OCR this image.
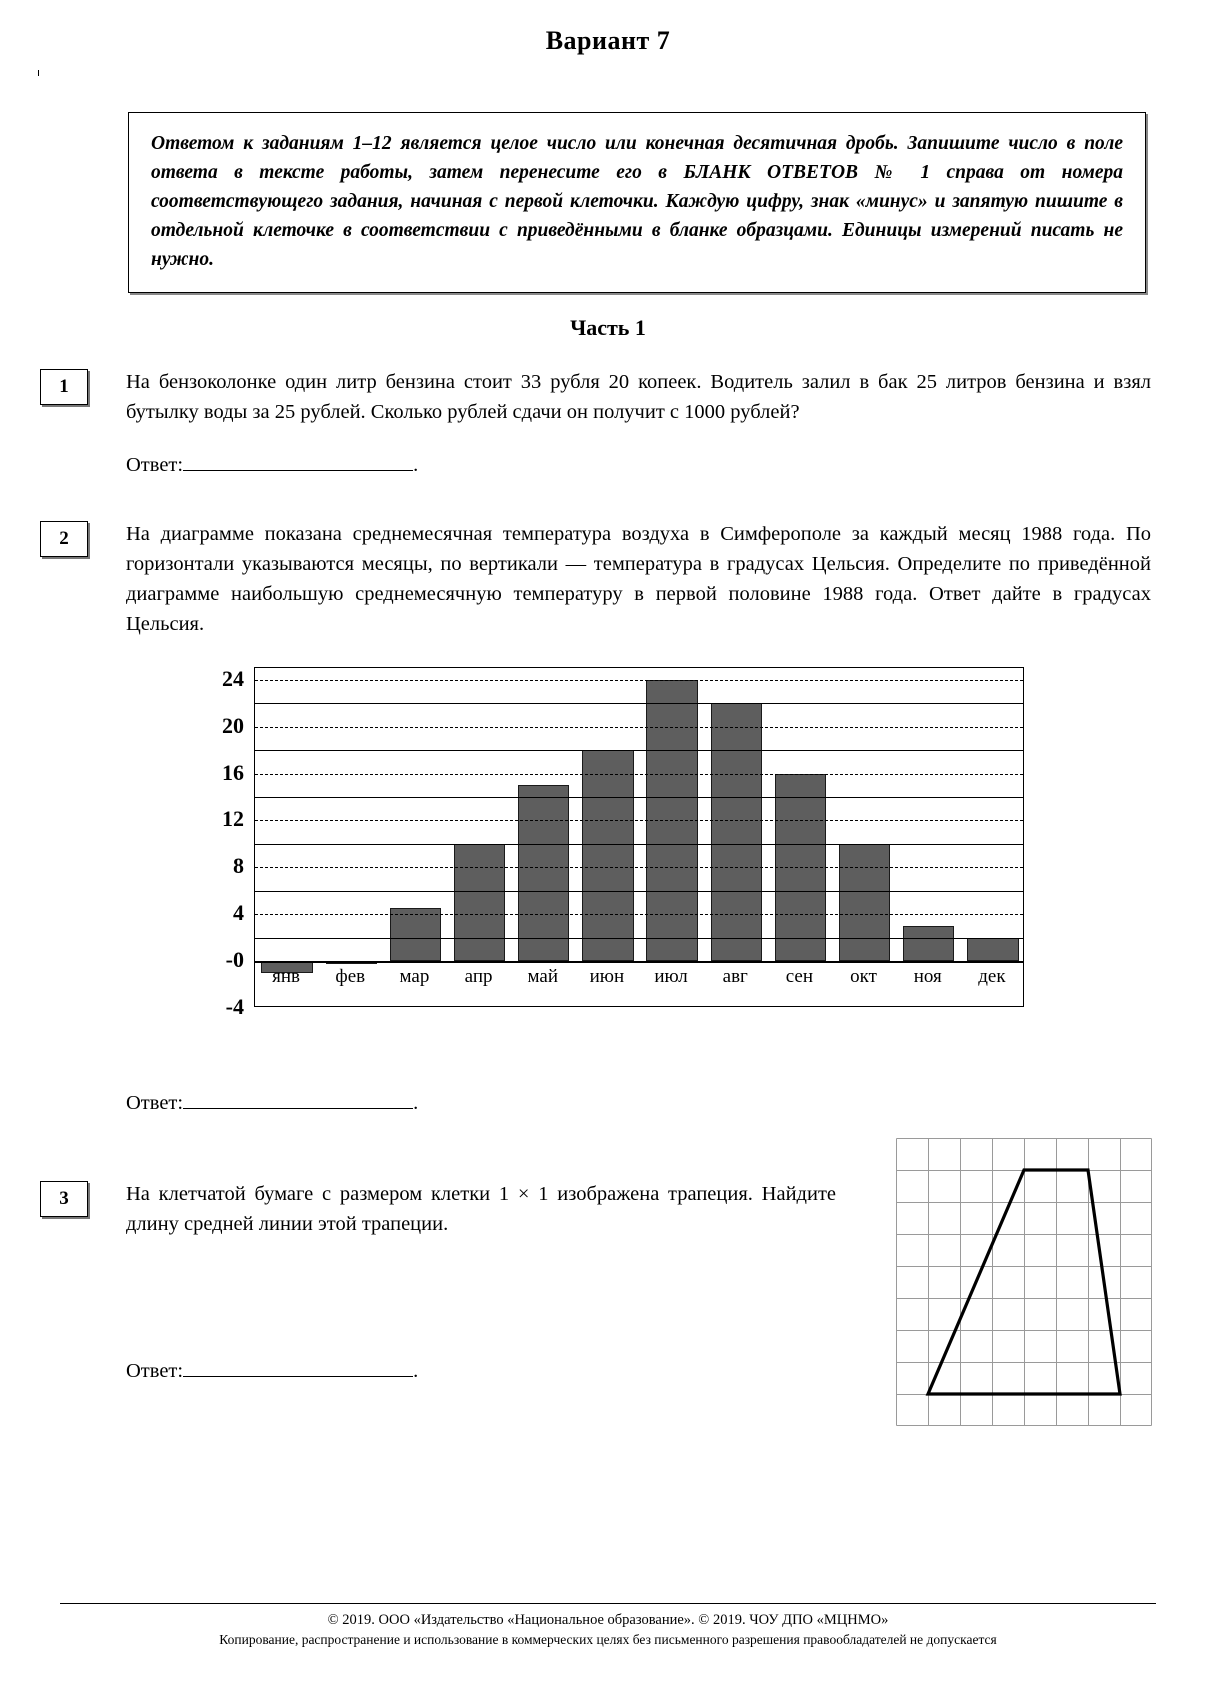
Вариант 7

Ответом к заданиям 1–12 является целое число или конечная десятичная дробь. Запишите число в поле ответа в тексте работы, затем перенесите его в БЛАНК ОТВЕТОВ № 1 справа от номера соответствующего задания, начиная с первой клеточки. Каждую цифру, знак «минус» и запятую пишите в отдельной клеточке в соответствии с приведёнными в бланке образцами. Единицы измерений писать не нужно.

Часть 1
1	На бензоколонке один литр бензина стоит 33 рубля 20 копеек. Водитель залил в бак 25 литров бензина и взял бутылку воды за 25 рублей. Сколько рублей сдачи он получит с 1000 рублей?
Ответ:	.
2	На диаграмме показана среднемесячная температура воздуха в Симферополе за каждый месяц 1988 года. По горизонтали указываются месяцы, по вертикали — температура в градусах Цельсия. Определите по приведённой диаграмме наибольшую среднемесячную температуру в первой половине 1988 года. Ответ дайте в градусах Цельсия.
24
20
16
12
8
4
-0
-4
янв фев мар апр май июн июл авг сен окт ноя дек
Ответ:	.
3	На клетчатой бумаге с размером клетки 1 × 1 изображена трапеция. Найдите длину средней линии этой трапеции.
Ответ:	.
© 2019. ООО «Издательство «Национальное образование». © 2019. ЧОУ ДПО «МЦНМО»
Копирование, распространение и использование в коммерческих целях без письменного разрешения правообладателей не допускается
